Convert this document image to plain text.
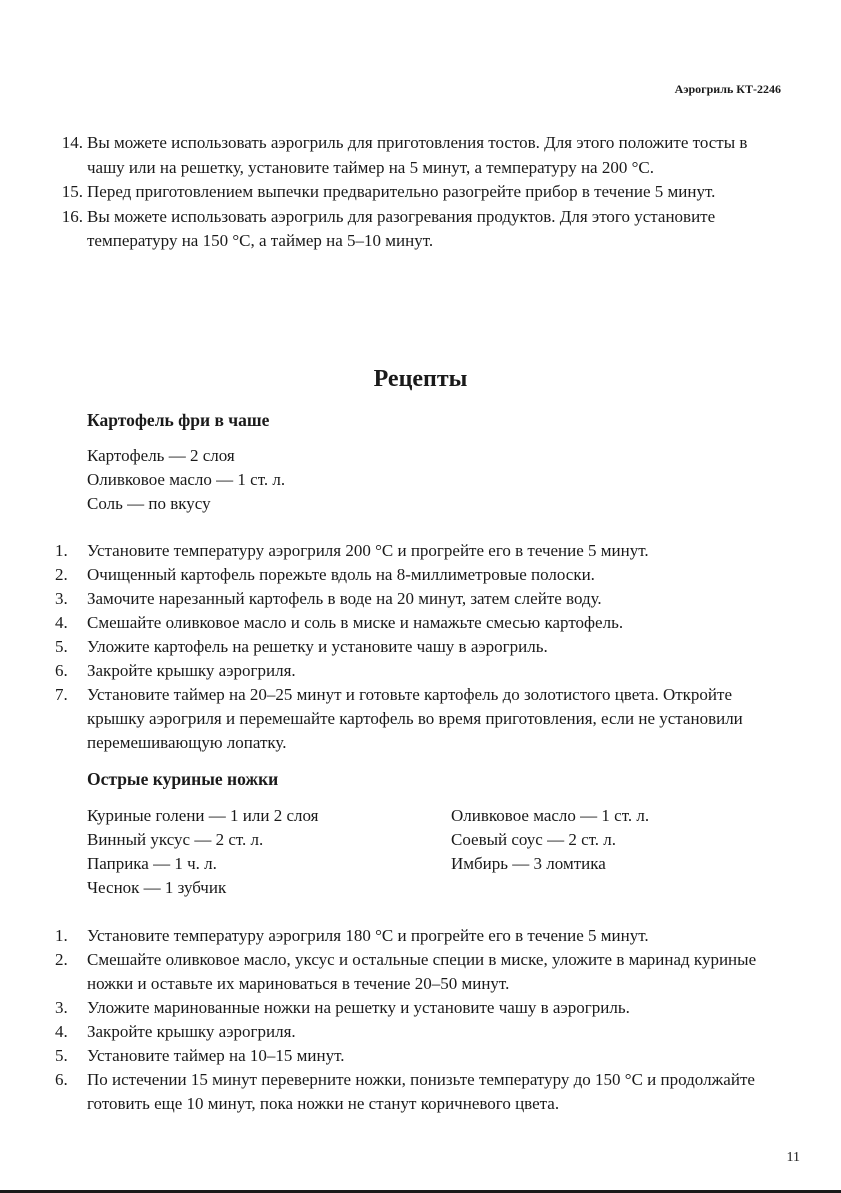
Аэрогриль КТ-2246
14. Вы можете использовать аэрогриль для приготовления тостов. Для этого положите тосты в чашу или на решетку, установите таймер на 5 минут, а температуру на 200 °C.
15. Перед приготовлением выпечки предварительно разогрейте прибор в течение 5 минут.
16. Вы можете использовать аэрогриль для разогревания продуктов. Для этого установите температуру на 150 °C, а таймер на 5–10 минут.
Рецепты
Картофель фри в чаше
Картофель — 2 слоя
Оливковое масло — 1 ст. л.
Соль — по вкусу
1.	Установите температуру аэрогриля 200 °C и прогрейте его в течение 5 минут.
2.	Очищенный картофель порежьте вдоль на 8-миллиметровые полоски.
3.	Замочите нарезанный картофель в воде на 20 минут, затем слейте воду.
4.	Смешайте оливковое масло и соль в миске и намажьте смесью картофель.
5.	Уложите картофель на решетку и установите чашу в аэрогриль.
6.	Закройте крышку аэрогриля.
7.	Установите таймер на 20–25 минут и готовьте картофель до золотистого цвета. Откройте крышку аэрогриля и перемешайте картофель во время приготовления, если не установили перемешивающую лопатку.
Острые куриные ножки
Куриные голени — 1 или 2 слоя
Винный уксус — 2 ст. л.
Паприка — 1 ч. л.
Чеснок — 1 зубчик
Оливковое масло — 1 ст. л.
Соевый соус — 2 ст. л.
Имбирь — 3 ломтика
1.	Установите температуру аэрогриля 180 °C и прогрейте его в течение 5 минут.
2.	Смешайте оливковое масло, уксус и остальные специи в миске, уложите в маринад куриные ножки и оставьте их мариноваться в течение 20–50 минут.
3.	Уложите маринованные ножки на решетку и установите чашу в аэрогриль.
4.	Закройте крышку аэрогриля.
5.	Установите таймер на 10–15 минут.
6.	По истечении 15 минут переверните ножки, понизьте температуру до 150 °C и продолжайте готовить еще 10 минут, пока ножки не станут коричневого цвета.
11
